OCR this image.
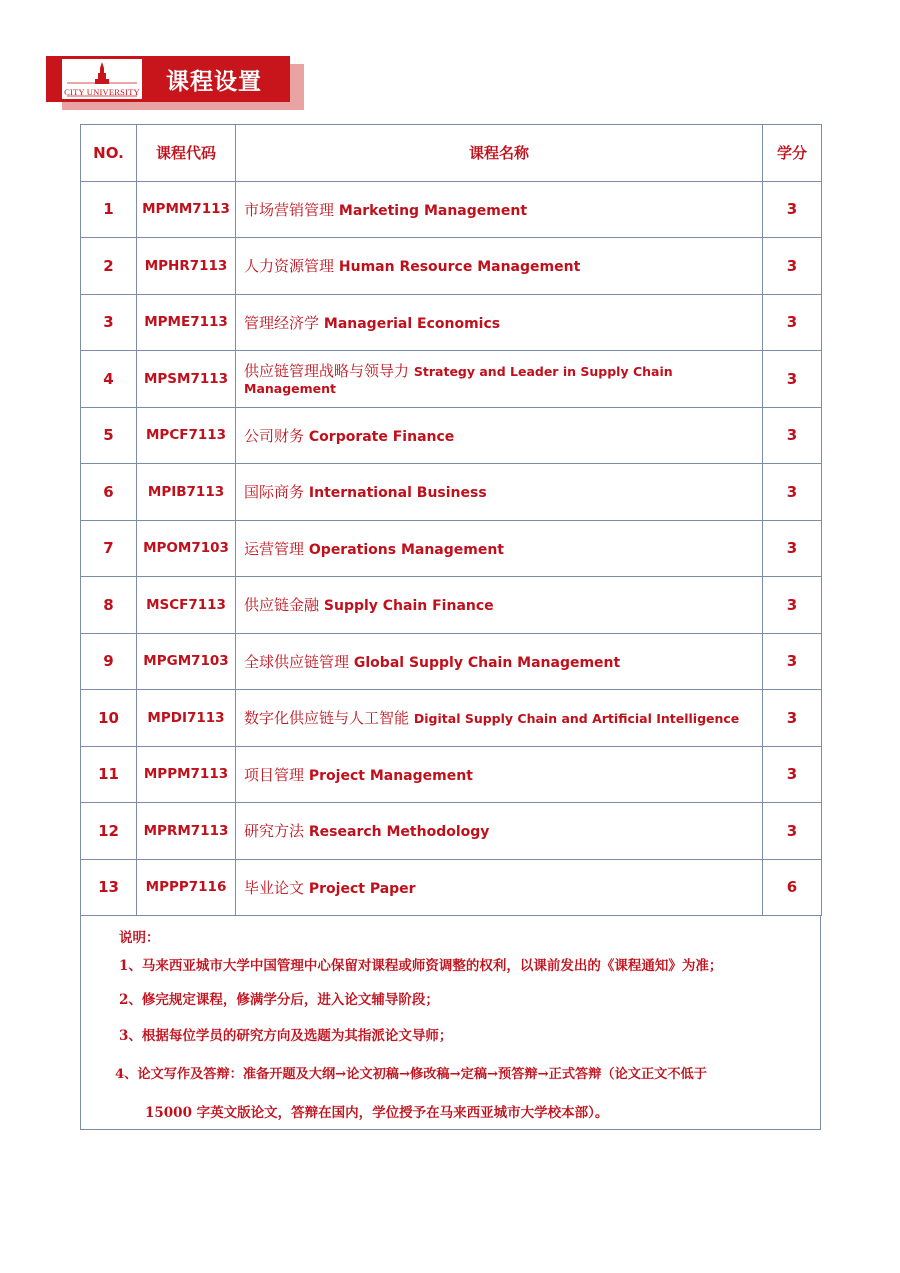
CITY UNIVERSITY 课程设置
NO.	课程代码	课程名称	学分
1	MPMM7113	市场营销管理 Marketing Management	3
2	MPHR7113	人力资源管理 Human Resource Management	3
3	MPME7113	管理经济学 Managerial Economics	3
4	MPSM7113	供应链管理战略与领导力 Strategy and Leader in Supply Chain Management	3
5	MPCF7113	公司财务 Corporate Finance	3
6	MPIB7113	国际商务 International Business	3
7	MPOM7103	运营管理 Operations Management	3
8	MSCF7113	供应链金融 Supply Chain Finance	3
9	MPGM7103	全球供应链管理 Global Supply Chain Management	3
10	MPDI7113	数字化供应链与人工智能 Digital Supply Chain and Artificial Intelligence	3
11	MPPM7113	项目管理 Project Management	3
12	MPRM7113	研究方法 Research Methodology	3
13	MPPP7116	毕业论文 Project Paper	6
说明：
1、马来西亚城市大学中国管理中心保留对课程或师资调整的权利，以课前发出的《课程通知》为准；
2、修完规定课程，修满学分后，进入论文辅导阶段；
3、根据每位学员的研究方向及选题为其指派论文导师；
4、论文写作及答辩：准备开题及大纲→论文初稿→修改稿→定稿→预答辩→正式答辩（论文正文不低于
15000 字英文版论文，答辩在国内，学位授予在马来西亚城市大学校本部）。
